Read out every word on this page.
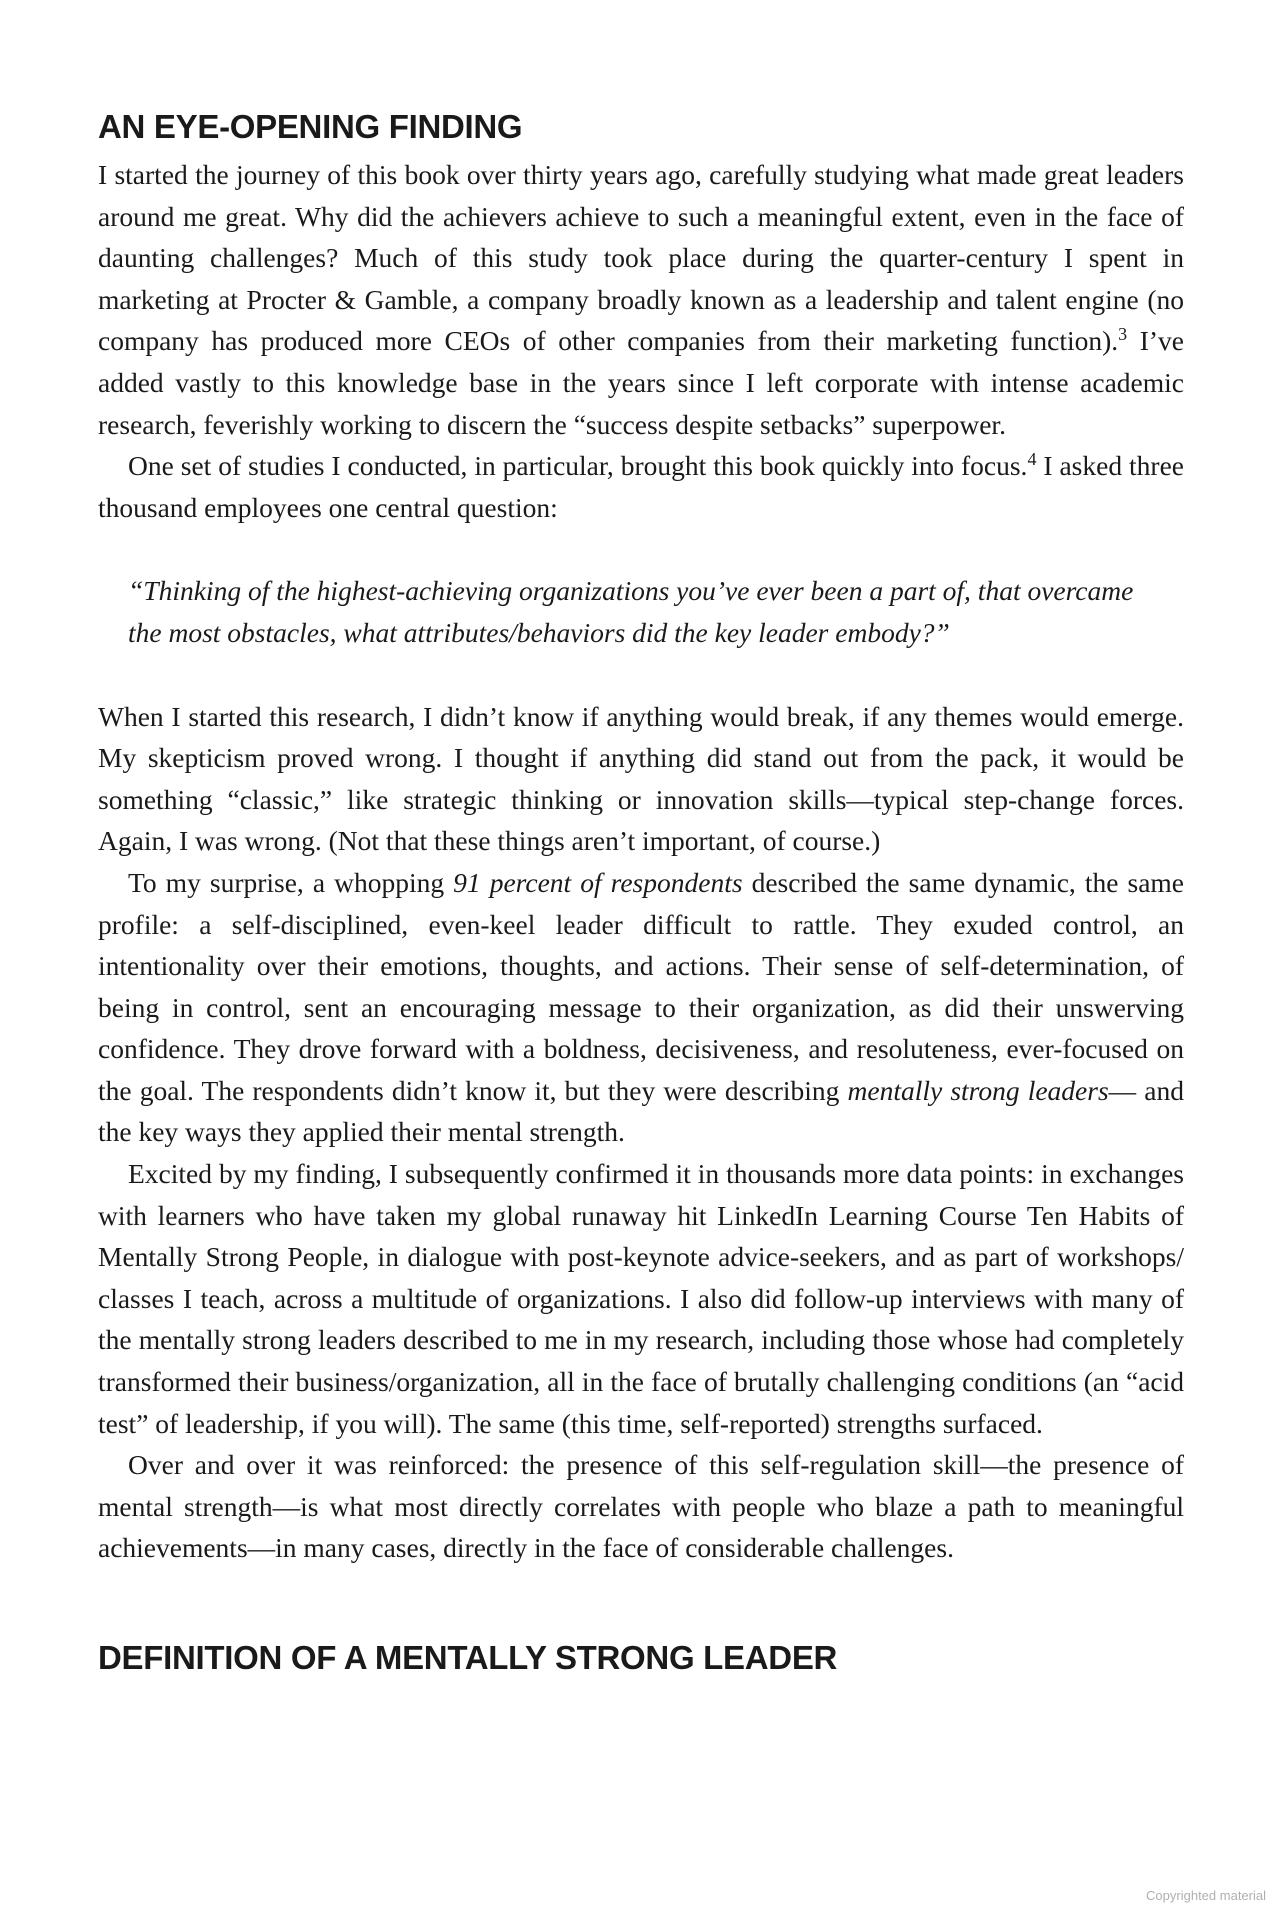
AN EYE-OPENING FINDING

I started the journey of this book over thirty years ago, carefully studying what made great leaders around me great. Why did the achievers achieve to such a meaningful extent, even in the face of daunting challenges? Much of this study took place during the quarter-century I spent in marketing at Procter & Gamble, a company broadly known as a leadership and talent engine (no company has produced more CEOs of other companies from their marketing function).$^3$ I’ve added vastly to this knowledge base in the years since I left corporate with intense academic research, feverishly working to discern the “success despite setbacks” superpower.

One set of studies I conducted, in particular, brought this book quickly into focus.$^4$ I asked three thousand employees one central question:

“Thinking of the highest-achieving organizations you’ve ever been a part of, that overcame the most obstacles, what attributes/behaviors did the key leader embody?”

When I started this research, I didn’t know if anything would break, if any themes would emerge. My skepticism proved wrong. I thought if anything did stand out from the pack, it would be something “classic,” like strategic thinking or innovation skills—typical step-change forces. Again, I was wrong. (Not that these things aren’t important, of course.)

To my surprise, a whopping 91 percent of respondents described the same dynamic, the same profile: a self-disciplined, even-keel leader difficult to rattle. They exuded control, an intentionality over their emotions, thoughts, and actions. Their sense of self-determination, of being in control, sent an encouraging message to their organization, as did their unswerving confidence. They drove forward with a boldness, decisiveness, and resoluteness, ever-focused on the goal. The respondents didn’t know it, but they were describing mentally strong leaders— and the key ways they applied their mental strength.

Excited by my finding, I subsequently confirmed it in thousands more data points: in exchanges with learners who have taken my global runaway hit LinkedIn Learning Course Ten Habits of Mentally Strong People, in dialogue with post-keynote advice-seekers, and as part of workshops/ classes I teach, across a multitude of organizations. I also did follow-up interviews with many of the mentally strong leaders described to me in my research, including those whose had completely transformed their business/organization, all in the face of brutally challenging conditions (an “acid test” of leadership, if you will). The same (this time, self-reported) strengths surfaced.

Over and over it was reinforced: the presence of this self-regulation skill—the presence of mental strength—is what most directly correlates with people who blaze a path to meaningful achievements—in many cases, directly in the face of considerable challenges.

DEFINITION OF A MENTALLY STRONG LEADER
Copyrighted material
